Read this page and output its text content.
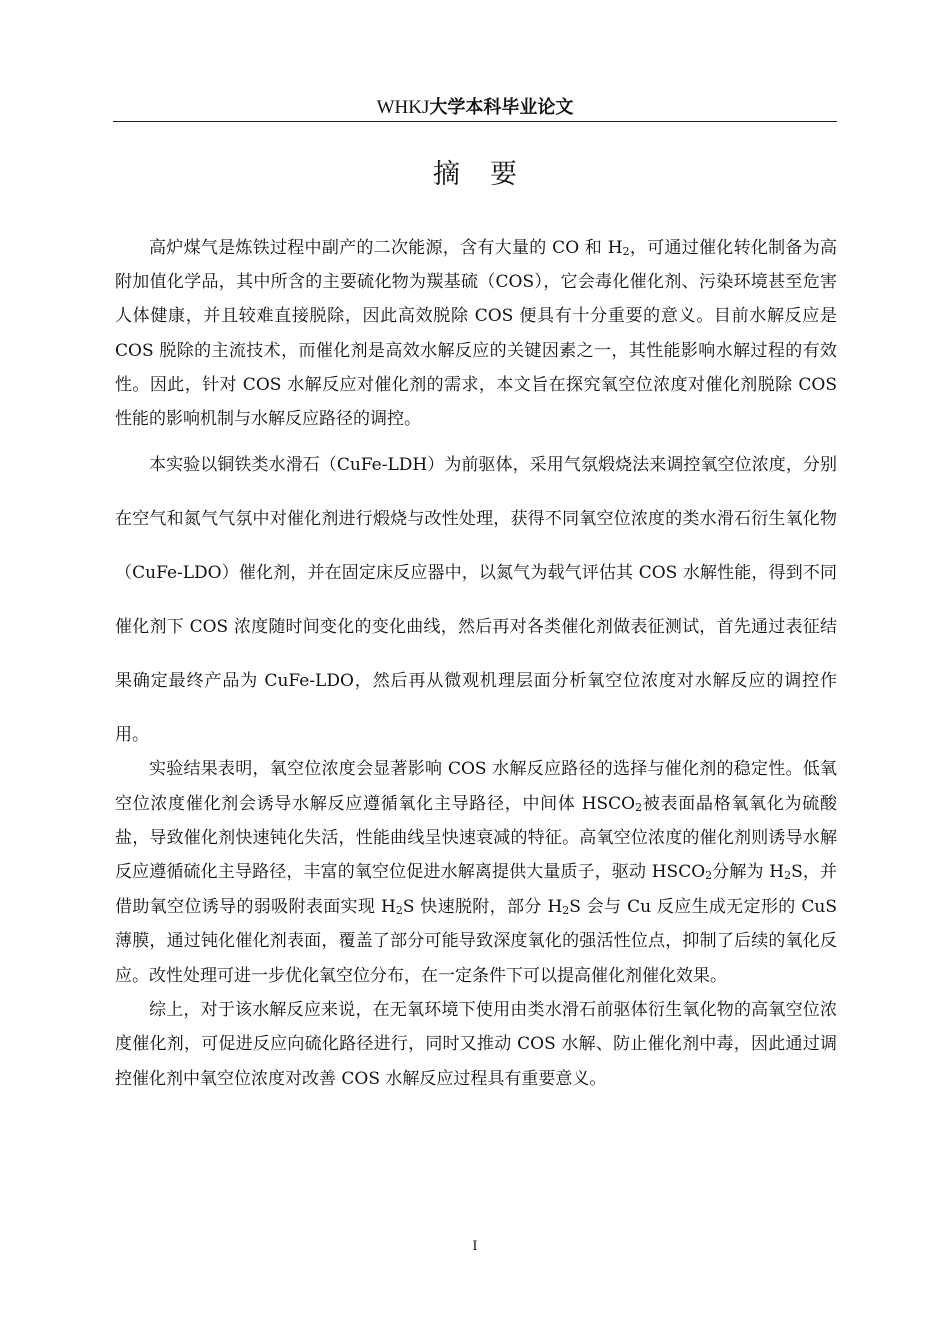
WHKJ大学本科毕业论文
摘要

高炉煤气是炼铁过程中副产的二次能源，含有大量的 CO 和 $H_2$，可通过催化转化制备为高附加值化学品，其中所含的主要硫化物为羰基硫（COS），它会毒化催化剂、污染环境甚至危害人体健康，并且较难直接脱除，因此高效脱除 COS 便具有十分重要的意义。目前水解反应是 COS 脱除的主流技术，而催化剂是高效水解反应的关键因素之一，其性能影响水解过程的有效性。因此，针对 COS 水解反应对催化剂的需求，本文旨在探究氧空位浓度对催化剂脱除 COS 性能的影响机制与水解反应路径的调控。

本实验以铜铁类水滑石（CuFe-LDH）为前驱体，采用气氛煅烧法来调控氧空位浓度，分别在空气和氮气气氛中对催化剂进行煅烧与改性处理，获得不同氧空位浓度的类水滑石衍生氧化物（CuFe-LDO）催化剂，并在固定床反应器中，以氮气为载气评估其 COS 水解性能，得到不同催化剂下 COS 浓度随时间变化的变化曲线，然后再对各类催化剂做表征测试，首先通过表征结果确定最终产品为 CuFe-LDO，然后再从微观机理层面分析氧空位浓度对水解反应的调控作用。

实验结果表明，氧空位浓度会显著影响 COS 水解反应路径的选择与催化剂的稳定性。低氧空位浓度催化剂会诱导水解反应遵循氧化主导路径，中间体 $HSCO_2$被表面晶格氧氧化为硫酸盐，导致催化剂快速钝化失活，性能曲线呈快速衰减的特征。高氧空位浓度的催化剂则诱导水解反应遵循硫化主导路径，丰富的氧空位促进水解离提供大量质子，驱动 $HSCO_2$分解为 $H_2S$，并借助氧空位诱导的弱吸附表面实现 $H_2S$ 快速脱附，部分 $H_2S$ 会与 Cu 反应生成无定形的 CuS 薄膜，通过钝化催化剂表面，覆盖了部分可能导致深度氧化的强活性位点，抑制了后续的氧化反应。改性处理可进一步优化氧空位分布，在一定条件下可以提高催化剂催化效果。

综上，对于该水解反应来说，在无氧环境下使用由类水滑石前驱体衍生氧化物的高氧空位浓度催化剂，可促进反应向硫化路径进行，同时又推动 COS 水解、防止催化剂中毒，因此通过调控催化剂中氧空位浓度对改善 COS 水解反应过程具有重要意义。

I
